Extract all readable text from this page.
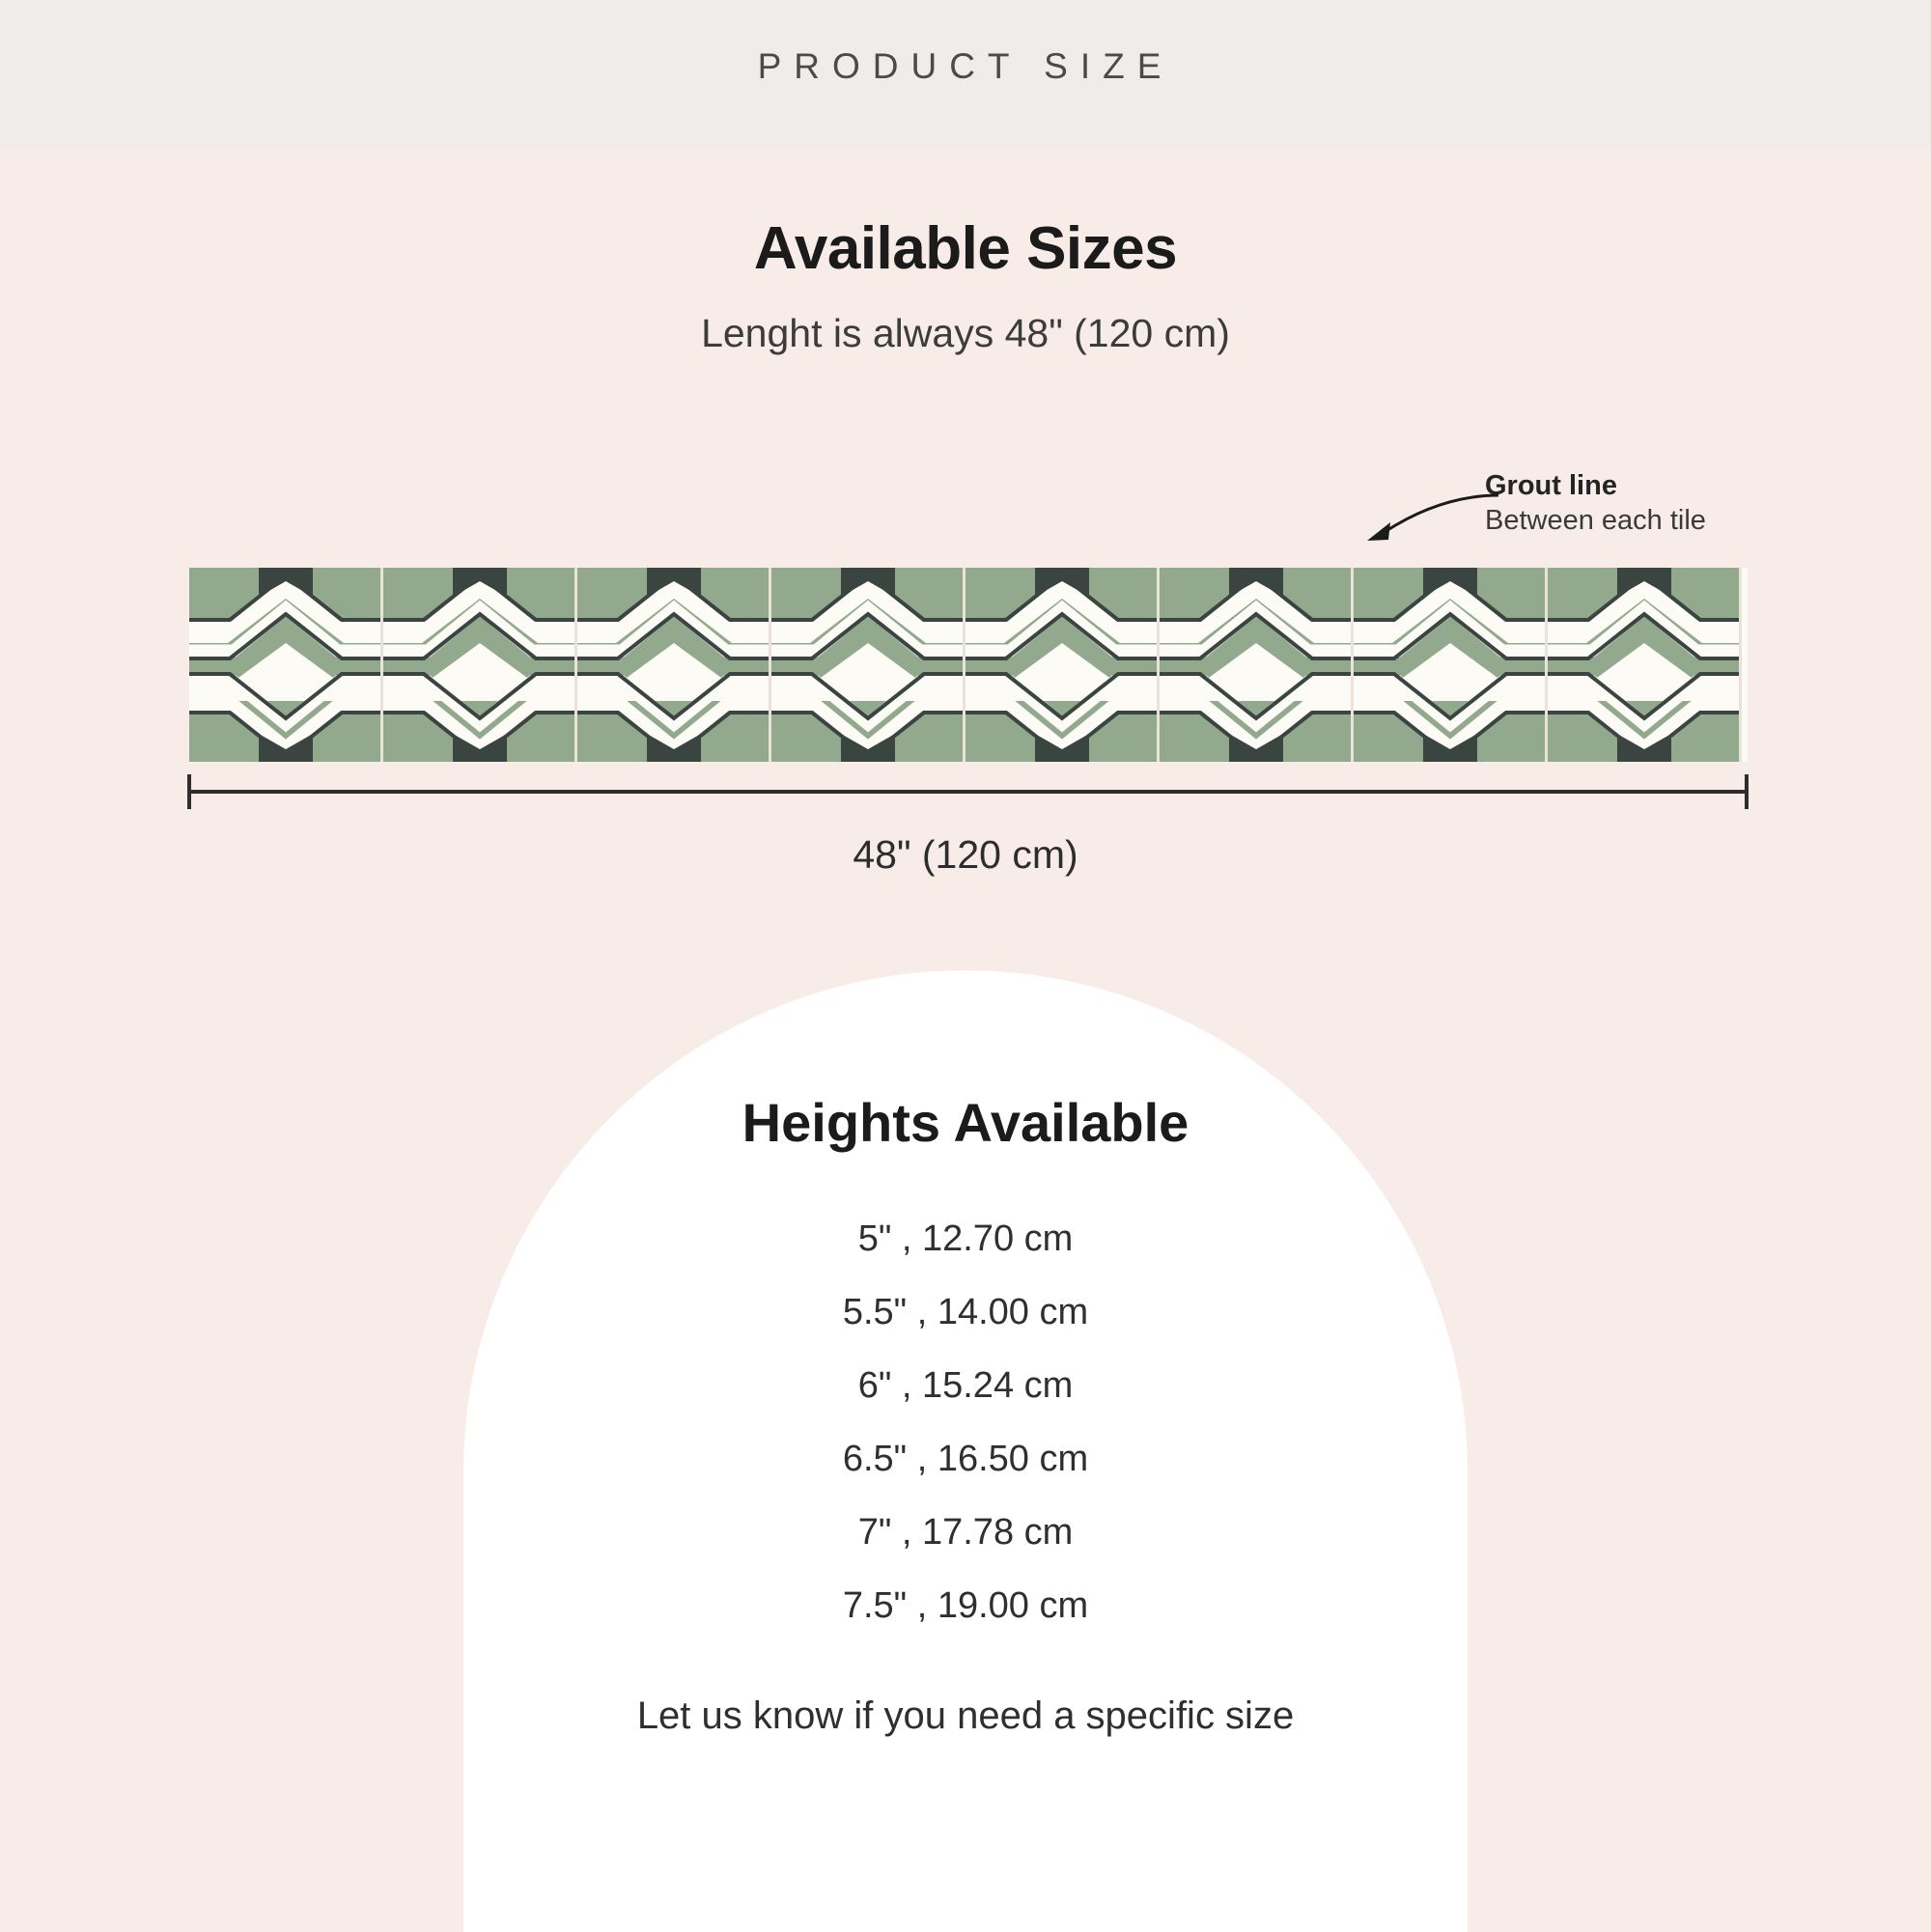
PRODUCT SIZE
Available Sizes
Lenght is always 48" (120 cm)
Grout line
Between each tile
48" (120 cm)
Heights Available
5" , 12.70 cm
5.5" , 14.00 cm
6" , 15.24 cm
6.5" , 16.50 cm
7" , 17.78 cm
7.5" , 19.00 cm
Let us know if you need a specific size
